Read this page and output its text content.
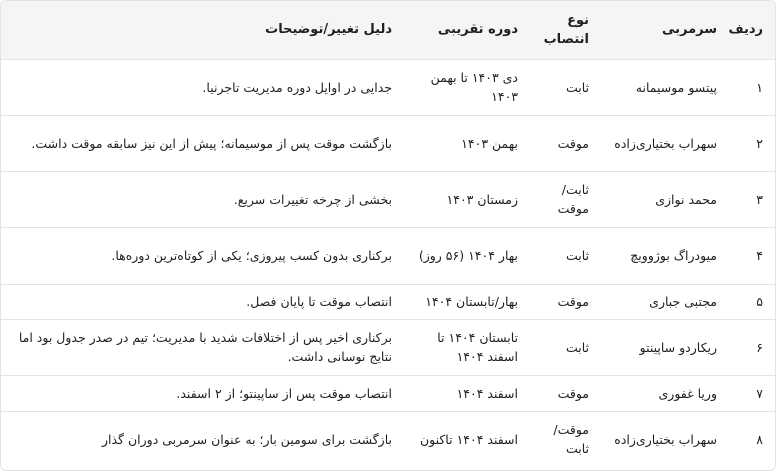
ردیف	سرمربی	نوع انتصاب	دوره تقریبی	دلیل تغییر/توضیحات
۱	پیتسو موسیمانه	ثابت	دی ۱۴۰۳ تا بهمن ۱۴۰۳	جدایی در اوایل دوره مدیریت تاجرنیا.
۲	سهراب بختیاری‌زاده	موقت	بهمن ۱۴۰۳	بازگشت موقت پس از موسیمانه؛ پیش از این نیز سابقه موقت داشت.
۳	محمد نوازی	ثابت/موقت	زمستان ۱۴۰۳	بخشی از چرخه تغییرات سریع.
۴	میودراگ بوژوویچ	ثابت	بهار ۱۴۰۴ (۵۶ روز)	برکناری بدون کسب پیروزی؛ یکی از کوتاه‌ترین دوره‌ها.
۵	مجتبی جباری	موقت	بهار/تابستان ۱۴۰۴	انتصاب موقت تا پایان فصل.
۶	ریکاردو ساپینتو	ثابت	تابستان ۱۴۰۴ تا اسفند ۱۴۰۴	برکناری اخیر پس از اختلافات شدید با مدیریت؛ تیم در صدر جدول بود اما نتایج نوسانی داشت.
۷	وریا غفوری	موقت	اسفند ۱۴۰۴	انتصاب موقت پس از ساپینتو؛ از ۲ اسفند.
۸	سهراب بختیاری‌زاده	موقت/ثابت	اسفند ۱۴۰۴ تاکنون	بازگشت برای سومین بار؛ به عنوان سرمربی دوران گذار
